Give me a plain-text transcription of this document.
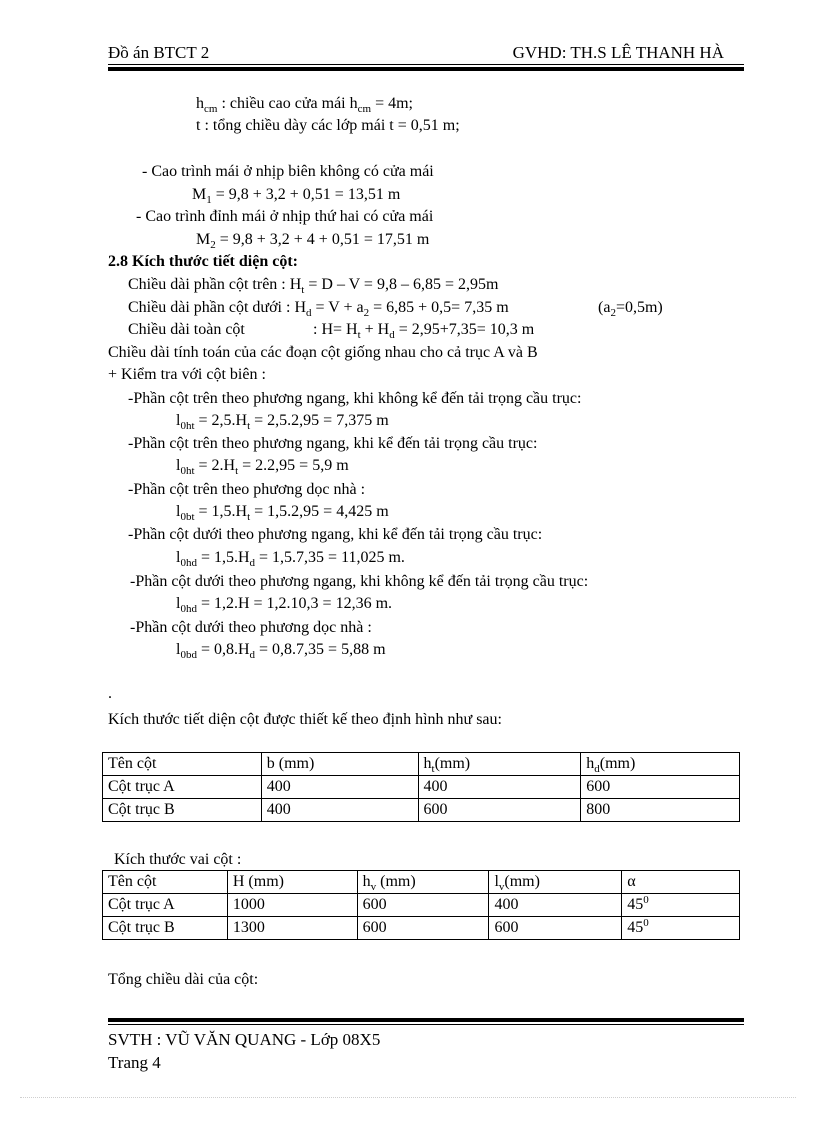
Đồ án BTCT 2	GVHD: TH.S LÊ THANH HÀ
$h_{cm}$ : chiều cao cửa mái $h_{cm} = 4m$;
t : tổng chiều dày các lớp mái t = 0,51 m;
- Cao trình mái ở nhịp biên không có cửa mái
$M_1 = 9,8 + 3,2 + 0,51 = 13,51$ m
- Cao trình đỉnh mái ở nhịp thứ hai có cửa mái
$M_2 = 9,8 + 3,2 + 4 + 0,51 = 17,51$ m
2.8 Kích thước tiết diện cột:
Chiều dài phần cột trên : $H_t = D - V = 9,8 - 6,85 = 2,95m$
Chiều dài phần cột dưới : $H_d = V + a_2 = 6,85 + 0,5= 7,35$ m	$(a_2=0,5m)$
Chiều dài toàn cột	: $H= H_t + H_d = 2,95+7,35= 10,3$ m
Chiều dài tính toán của các đoạn cột giống nhau cho cả trục A và B
+ Kiểm tra với cột biên :
-Phần cột trên theo phương ngang, khi không kể đến tải trọng cầu trục:
$l_{0ht} = 2,5.H_t = 2,5.2,95 = 7,375$ m
-Phần cột trên theo phương ngang, khi kể đến tải trọng cầu trục:
$l_{0ht} = 2.H_t = 2.2,95 = 5,9$ m
-Phần cột trên theo phương dọc nhà :
$l_{0bt} = 1,5.H_t = 1,5.2,95 = 4,425$ m
-Phần cột dưới theo phương ngang, khi kể đến tải trọng cầu trục:
$l_{0hd} = 1,5.H_d = 1,5.7,35 = 11,025$ m.
-Phần cột dưới theo phương ngang, khi không kể đến tải trọng cầu trục:
$l_{0hd} = 1,2.H = 1,2.10,3 = 12,36$ m.
-Phần cột dưới theo phương dọc nhà :
$l_{0bd} = 0,8.H_d = 0,8.7,35 = 5,88$ m
.
Kích thước tiết diện cột được thiết kế theo định hình như sau:
Tên cột	b (mm)	$h_t(mm)$	$h_d(mm)$
Cột trục A	400	400	600
Cột trục B	400	600	800
Kích thước vai cột :
Tên cột	H (mm)	$h_v$ (mm)	$l_v(mm)$	α
Cột trục A	1000	600	400	$45^0$
Cột trục B	1300	600	600	$45^0$
Tổng chiều dài của cột:
SVTH : VŨ VĂN QUANG - Lớp 08X5
Trang 4
